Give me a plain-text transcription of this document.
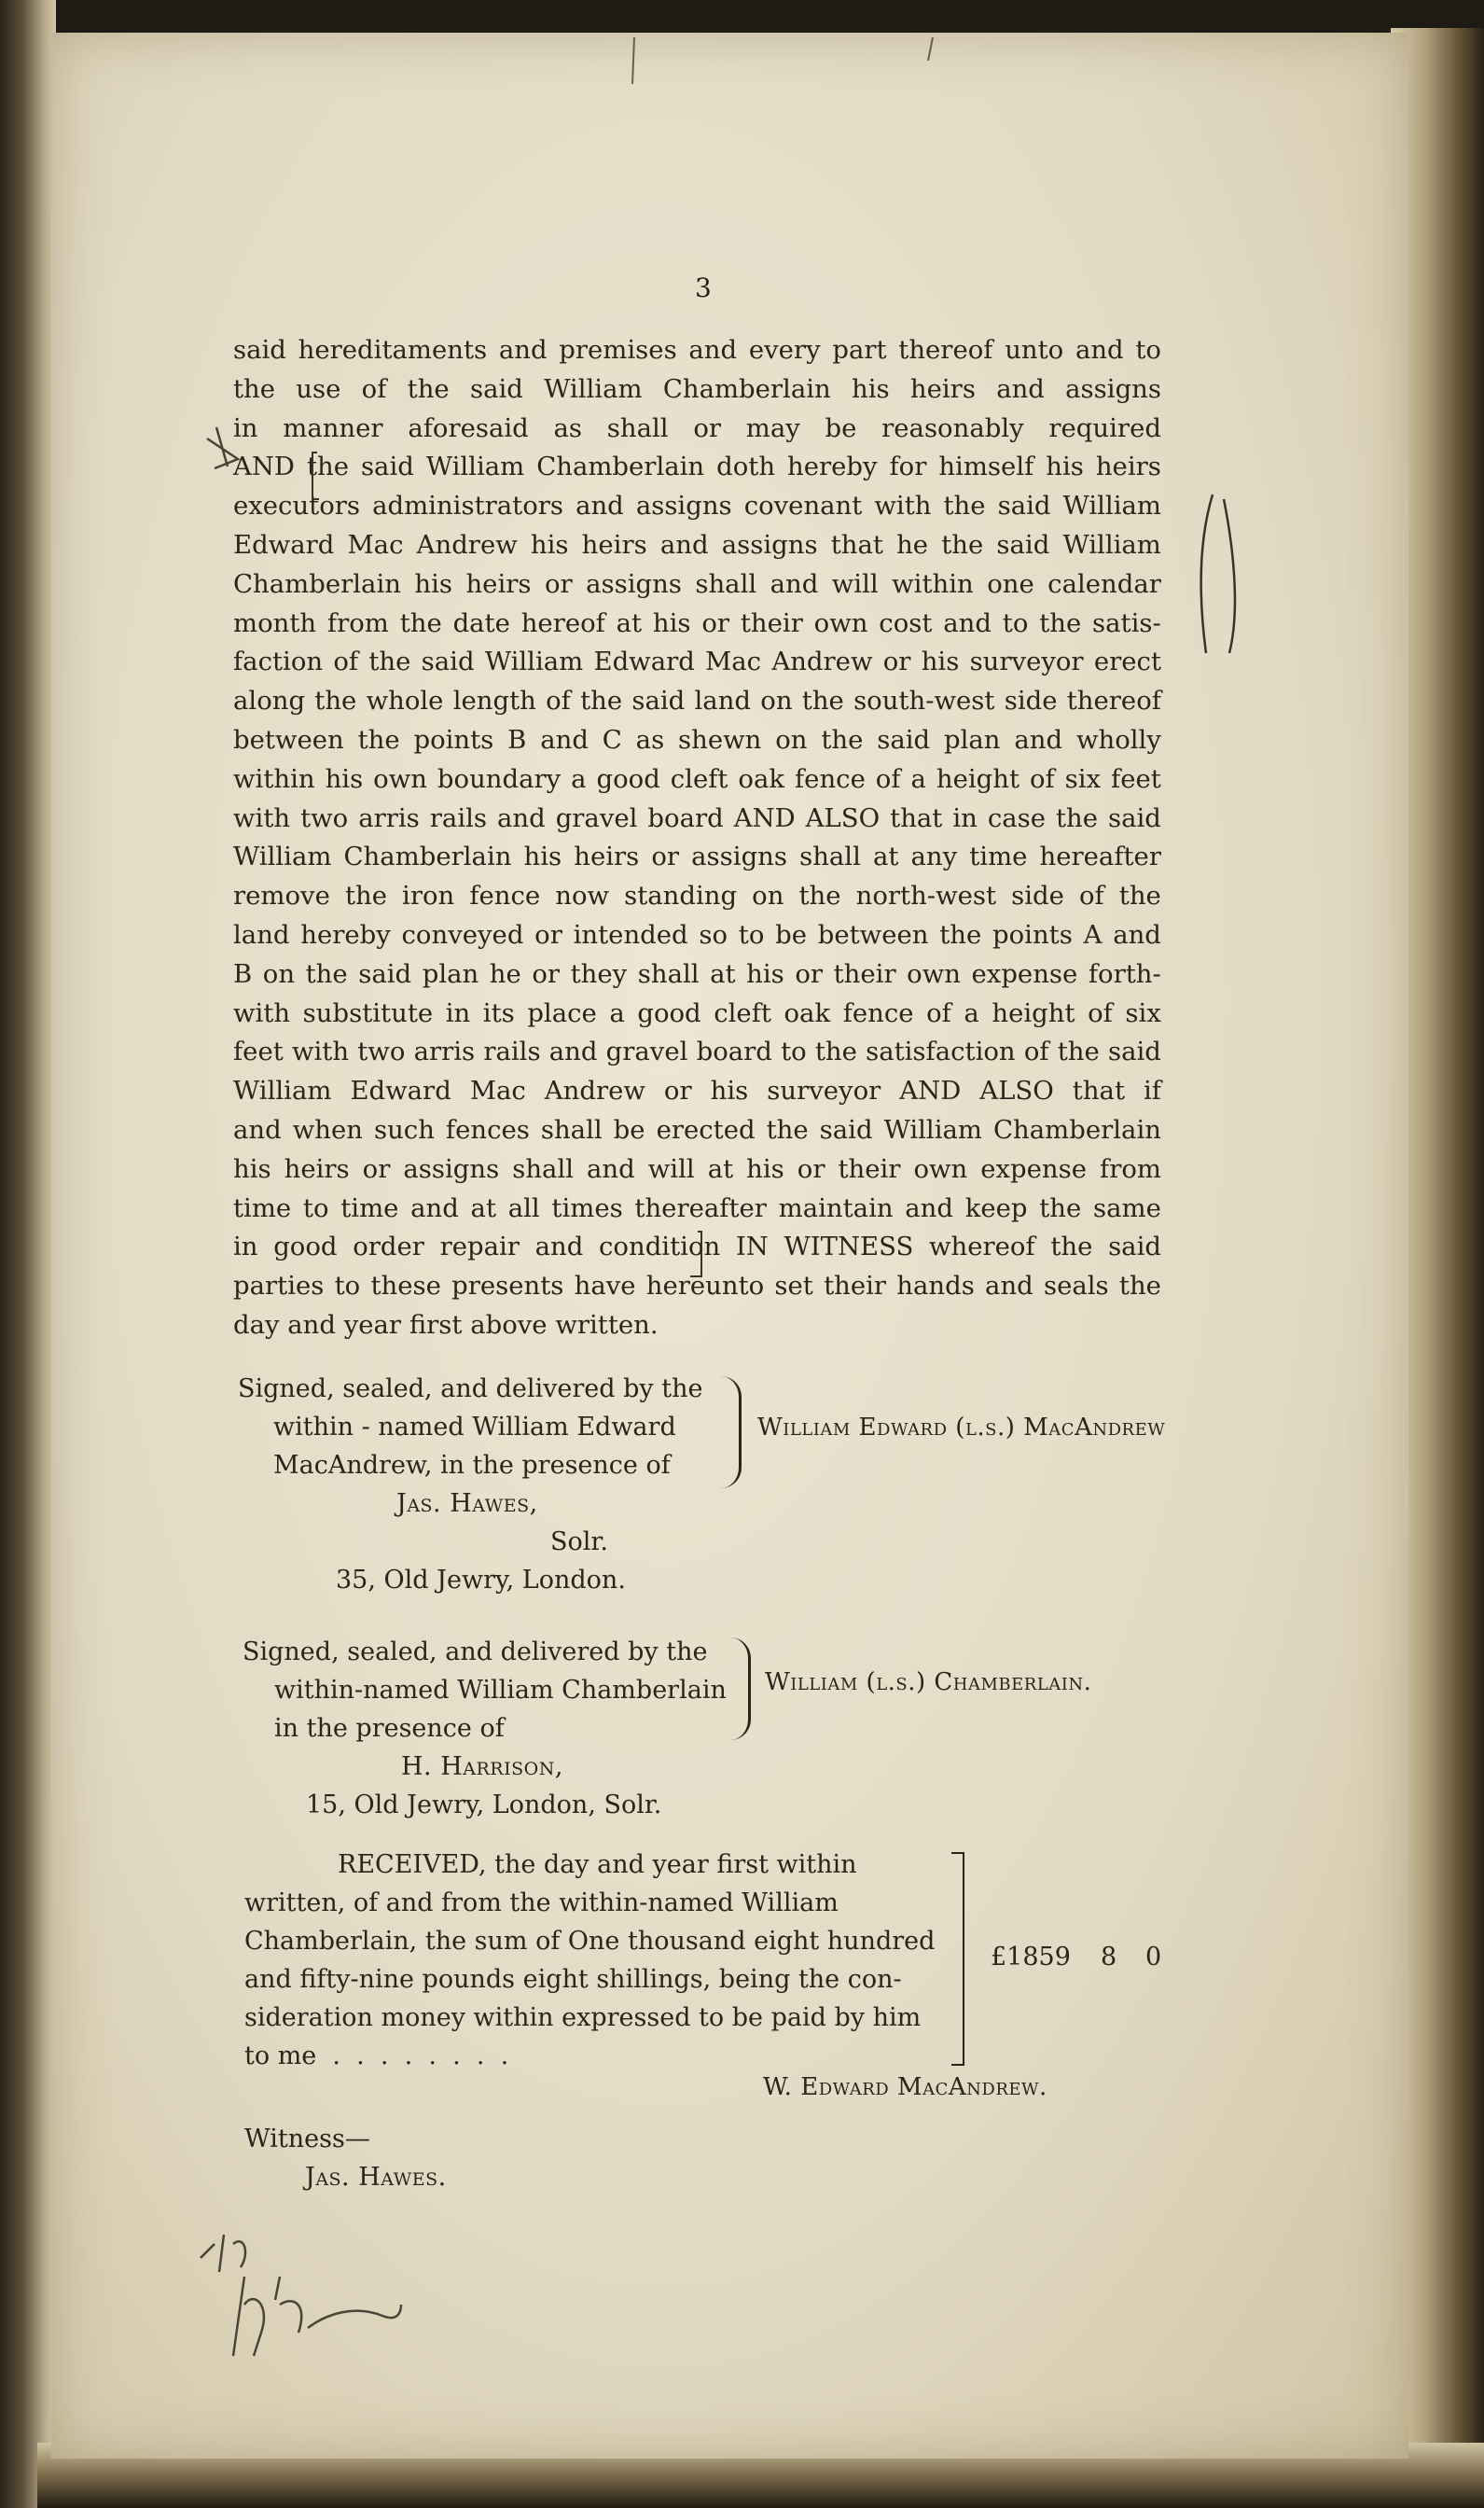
3
said hereditaments and premises and every part thereof unto and to
the use of the said William Chamberlain his heirs and assigns
in manner aforesaid as shall or may be reasonably required
AND the said William Chamberlain doth hereby for himself his heirs
executors administrators and assigns covenant with the said William
Edward Mac Andrew his heirs and assigns that he the said William
Chamberlain his heirs or assigns shall and will within one calendar
month from the date hereof at his or their own cost and to the satis-
faction of the said William Edward Mac Andrew or his surveyor erect
along the whole length of the said land on the south-west side thereof
between the points B and C as shewn on the said plan and wholly
within his own boundary a good cleft oak fence of a height of six feet
with two arris rails and gravel board AND ALSO that in case the said
William Chamberlain his heirs or assigns shall at any time hereafter
remove the iron fence now standing on the north-west side of the
land hereby conveyed or intended so to be between the points A and
B on the said plan he or they shall at his or their own expense forth-
with substitute in its place a good cleft oak fence of a height of six
feet with two arris rails and gravel board to the satisfaction of the said
William Edward Mac Andrew or his surveyor AND ALSO that if
and when such fences shall be erected the said William Chamberlain
his heirs or assigns shall and will at his or their own expense from
time to time and at all times thereafter maintain and keep the same
in good order repair and condition IN WITNESS whereof the said
parties to these presents have hereunto set their hands and seals the
day and year first above written.
Signed, sealed, and delivered by the
within - named William Edward
MacAndrew, in the presence of
Jas. Hawes,
Solr.
35, Old Jewry, London.
William Edward (l.s.) MacAndrew
Signed, sealed, and delivered by the
within-named William Chamberlain
in the presence of
H. Harrison,
15, Old Jewry, London, Solr.
William (l.s.) Chamberlain.
RECEIVED, the day and year first within
written, of and from the within-named William
Chamberlain, the sum of One thousand eight hundred
and fifty-nine pounds eight shillings, being the con-
sideration money within expressed to be paid by him
to me  .  .  .  .  .  .  .  .
£1859 8 0
W. Edward MacAndrew.
Witness—
Jas. Hawes.
